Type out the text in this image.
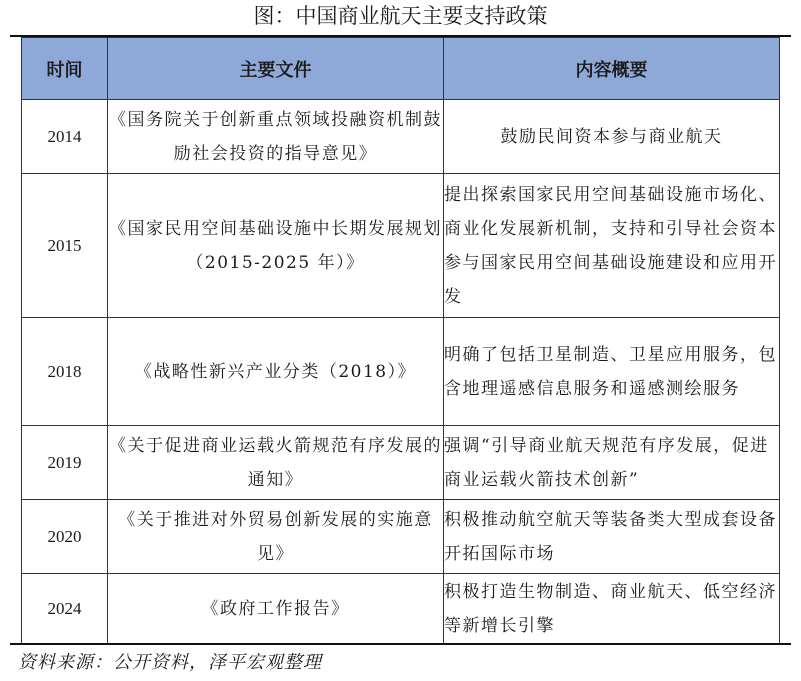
图：中国商业航天主要支持政策
时间	主要文件	内容概要
2014	《国务院关于创新重点领域投融资机制鼓励社会投资的指导意见》	鼓励民间资本参与商业航天
2015	《国家民用空间基础设施中长期发展规划（2015-2025 年）》	提出探索国家民用空间基础设施市场化、商业化发展新机制，支持和引导社会资本参与国家民用空间基础设施建设和应用开发
2018	《战略性新兴产业分类（2018）》	明确了包括卫星制造、卫星应用服务，包含地理遥感信息服务和遥感测绘服务
2019	《关于促进商业运载火箭规范有序发展的通知》	强调“引导商业航天规范有序发展，促进商业运载火箭技术创新”
2020	《关于推进对外贸易创新发展的实施意见》	积极推动航空航天等装备类大型成套设备开拓国际市场
2024	《政府工作报告》	积极打造生物制造、商业航天、低空经济等新增长引擎
资料来源：公开资料，泽平宏观整理
